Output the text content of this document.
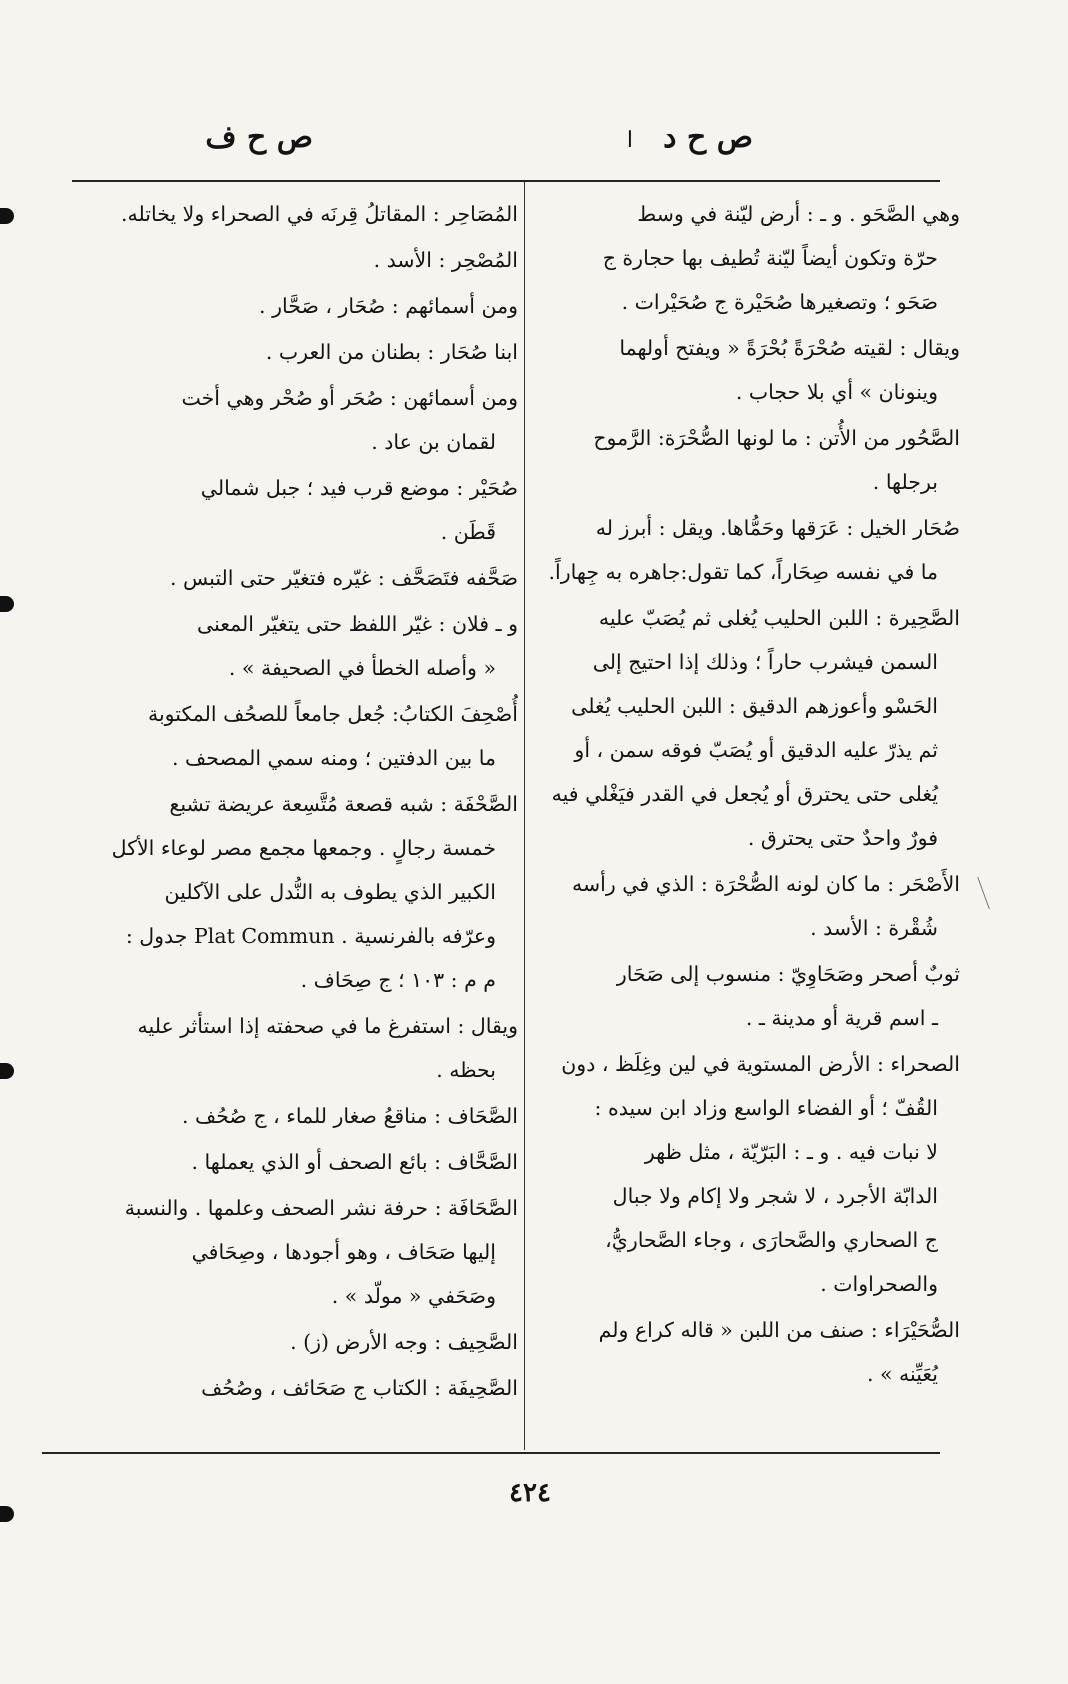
ص ح د
ا
ص ح ف
وهي الصَّحَو . و ـ : أرض ليّنة في وسط
حرّة وتكون أيضاً ليّنة تُطيف بها حجارة ج
صَحَو ؛ وتصغيرها صُحَيْرة ج صُحَيْرات .
ويقال : لقيته صُحْرَةً بُحْرَةً « ويفتح أولهما
وينونان » أي بلا حجاب .
الصَّحُور من الأُتن : ما لونها الصُّحْرَة: الرَّموح
برجلها .
صُحَار الخيل : عَرَقها وحَمُّاها. ويقل : أبرز له
ما في نفسه صِحَاراً، كما تقول:جاهره به جِهاراً.
الصَّحِيرة : اللبن الحليب يُغلى ثم يُصَبّ عليه
السمن فيشرب حاراً ؛ وذلك إذا احتيج إلى
الحَسْو وأعوزهم الدقيق : اللبن الحليب يُغلى
ثم يذرّ عليه الدقيق أو يُصَبّ فوقه سمن ، أو
يُغلى حتى يحترق أو يُجعل في القدر فيَغْلي فيه
فورٌ واحدٌ حتى يحترق .
الأَصْحَر : ما كان لونه الصُّحْرَة : الذي في رأسه
شُقْرة : الأسد .
ثوبٌ أصحر وصَحَاوِيّ : منسوب إلى صَحَار
ـ اسم قرية أو مدينة ـ .
الصحراء : الأرض المستوية في لين وغِلَظ ، دون
القُفّ ؛ أو الفضاء الواسع وزاد ابن سيده :
لا نبات فيه . و ـ : البَرّيّة ، مثل ظهر
الدابّة الأجرد ، لا شجر ولا إكام ولا جبال
ج الصحاري والصَّحارَى ، وجاء الصَّحاريُّ،
والصحراوات .
الصُّحَيْرَاء : صنف من اللبن « قاله كراع ولم
يُعَيِّنه » .
المُصَاحِر : المقاتلُ قِرنَه في الصحراء ولا يخاتله.
المُصْحِر : الأسد .
ومن أسمائهم : صُحَار ، صَحَّار .
ابنا صُحَار : بطنان من العرب .
ومن أسمائهن : صُحَر أو صُحْر وهي أخت
لقمان بن عاد .
صُحَيْر : موضع قرب فيد ؛ جبل شمالي
قَطَن .
صَحَّفه فتَصَحَّف : غيّره فتغيّر حتى التبس .
و ـ فلان : غيّر اللفظ حتى يتغيّر المعنى
« وأصله الخطأ في الصحيفة » .
أُصْحِفَ الكتابُ: جُعل جامعاً للصحُف المكتوبة
ما بين الدفتين ؛ ومنه سمي المصحف .
الصَّحْفَة : شبه قصعة مُتَّسِعة عريضة تشبع
خمسة رجالٍ . وجمعها مجمع مصر لوعاء الأكل
الكبير الذي يطوف به النُّدل على الآكلين
وعرّفه بالفرنسية . Plat Commun جدول :
م م : ١٠٣ ؛ ج صِحَاف .
ويقال : استفرغ ما في صحفته إذا استأثر عليه
بحظه .
الصَّحَاف : مناقعُ صغار للماء ، ج صُحُف .
الصَّحَّاف : بائع الصحف أو الذي يعملها .
الصَّحَافَة : حرفة نشر الصحف وعلمها . والنسبة
إليها صَحَاف ، وهو أجودها ، وصِحَافي
وصَحَفي « مولّد » .
الصَّحِيف : وجه الأرض (ز) .
الصَّحِيفَة : الكتاب ج صَحَائف ، وصُحُف
٤٢٤
